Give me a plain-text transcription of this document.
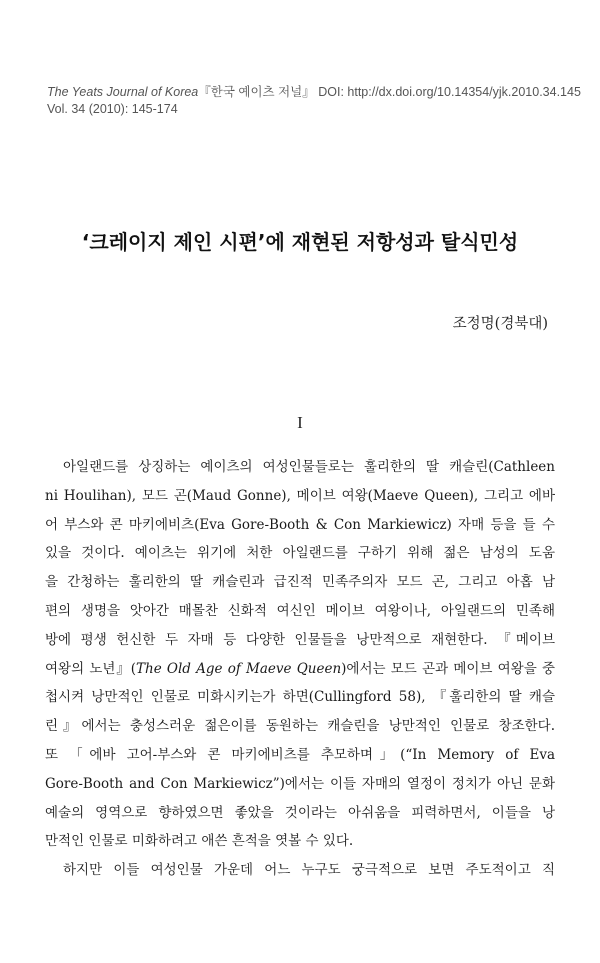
The Yeats Journal of Korea『한국 예이츠 저널』 DOI: http://dx.doi.org/10.14354/yjk.2010.34.145
Vol. 34 (2010): 145-174
‘크레이지 제인 시편’에 재현된 저항성과 탈식민성
조정명(경북대)
I
아일랜드를 상징하는 예이츠의 여성인물들로는 훌리한의 딸 캐슬린(Cathleen
ni Houlihan), 모드 곤(Maud Gonne), 메이브 여왕(Maeve Queen), 그리고 에바
어 부스와 콘 마키에비츠(Eva Gore-Booth & Con Markiewicz) 자매 등을 들 수
있을 것이다. 예이츠는 위기에 처한 아일랜드를 구하기 위해 젊은 남성의 도움
을 간청하는 훌리한의 딸 캐슬린과 급진적 민족주의자 모드 곤, 그리고 아홉 남
편의 생명을 앗아간 매몰찬 신화적 여신인 메이브 여왕이나, 아일랜드의 민족해
방에 평생 헌신한 두 자매 등 다양한 인물들을 낭만적으로 재현한다. 『메이브
여왕의 노년』(The Old Age of Maeve Queen)에서는 모드 곤과 메이브 여왕을 중
첩시켜 낭만적인 인물로 미화시키는가 하면(Cullingford 58), 『훌리한의 딸 캐슬
린』에서는 충성스러운 젊은이를 동원하는 캐슬린을 낭만적인 인물로 창조한다.
또 「에바 고어-부스와 콘 마키에비츠를 추모하며」(“In Memory of Eva
Gore-Booth and Con Markiewicz”)에서는 이들 자매의 열정이 정치가 아닌 문화
예술의 영역으로 향하였으면 좋았을 것이라는 아쉬움을 피력하면서, 이들을 낭
만적인 인물로 미화하려고 애쓴 흔적을 엿볼 수 있다.
하지만 이들 여성인물 가운데 어느 누구도 궁극적으로 보면 주도적이고 직
